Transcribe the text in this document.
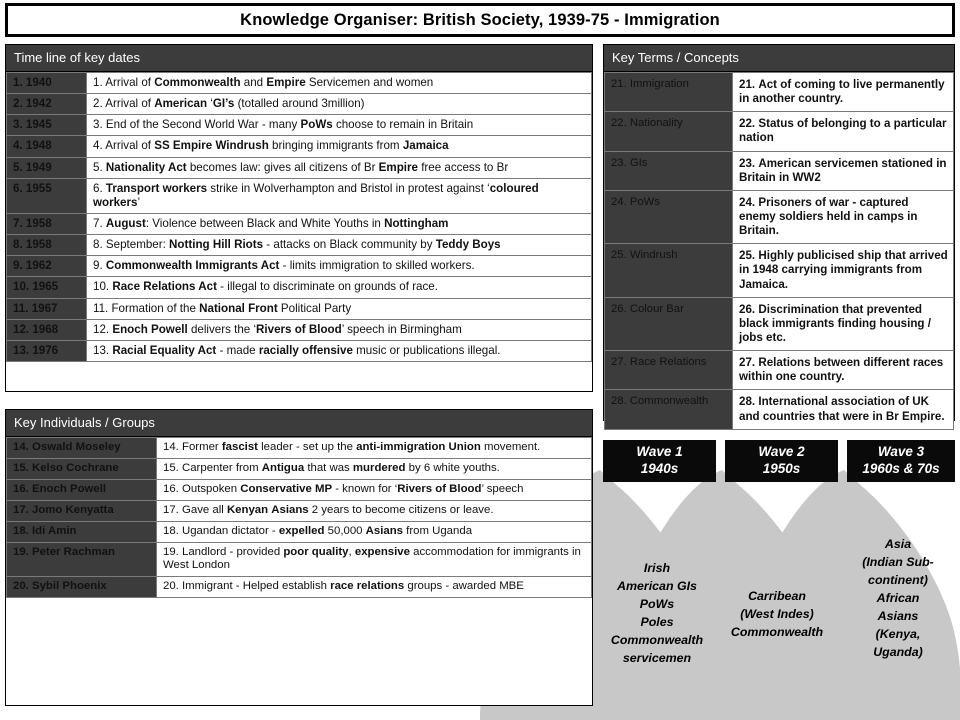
Knowledge Organiser: British Society, 1939-75 - Immigration
Time line of key dates
1. 1940	1. Arrival of Commonwealth and Empire Servicemen and women
2. 1942	2. Arrival of American ‘GI’s (totalled around 3million)
3. 1945	3. End of the Second World War - many PoWs choose to remain in Britain
4. 1948	4. Arrival of SS Empire Windrush bringing immigrants from Jamaica
5. 1949	5. Nationality Act becomes law: gives all citizens of Br Empire free access to Br
6. 1955	6. Transport workers strike in Wolverhampton and Bristol in protest against ‘coloured workers’
7. 1958	7. August: Violence between Black and White Youths in Nottingham
8. 1958	8. September: Notting Hill Riots - attacks on Black community by Teddy Boys
9. 1962	9. Commonwealth Immigrants Act - limits immigration to skilled workers.
10. 1965	10. Race Relations Act - illegal to discriminate on grounds of race.
11. 1967	11. Formation of the National Front Political Party
12. 1968	12. Enoch Powell delivers the ‘Rivers of Blood’ speech in Birmingham
13. 1976	13. Racial Equality Act - made racially offensive music or publications illegal.
Key Individuals / Groups
14. Oswald Moseley	14. Former fascist leader - set up the anti-immigration Union movement.
15. Kelso Cochrane	15. Carpenter from Antigua that was murdered by 6 white youths.
16. Enoch Powell	16. Outspoken Conservative MP - known for ‘Rivers of Blood’ speech
17. Jomo Kenyatta	17. Gave all Kenyan Asians 2 years to become citizens or leave.
18. Idi Amin	18. Ugandan dictator - expelled 50,000 Asians from Uganda
19. Peter Rachman	19. Landlord - provided poor quality, expensive accommodation for immigrants in West London
20. Sybil Phoenix	20. Immigrant - Helped establish race relations groups - awarded MBE
Key Terms / Concepts
21. Immigration	21. Act of coming to live permanently in another country.
22. Nationality	22. Status of belonging to a particular nation
23. GIs	23. American servicemen stationed in Britain in WW2
24. PoWs	24. Prisoners of war - captured enemy soldiers held in camps in Britain.
25. Windrush	25. Highly publicised ship that arrived in 1948 carrying immigrants from Jamaica.
26. Colour Bar	26. Discrimination that prevented black immigrants finding housing / jobs etc.
27. Race Relations	27. Relations between different races within one country.
28. Commonwealth	28. International association of UK and countries that were in Br Empire.
Wave 1
1940s
Wave 2
1950s
Wave 3
1960s & 70s
Irish
American GIs
PoWs
Poles
Commonwealth
servicemen
Carribean
(West Indes)
Commonwealth
Asia
(Indian Sub-
continent)
African
Asians
(Kenya,
Uganda)
